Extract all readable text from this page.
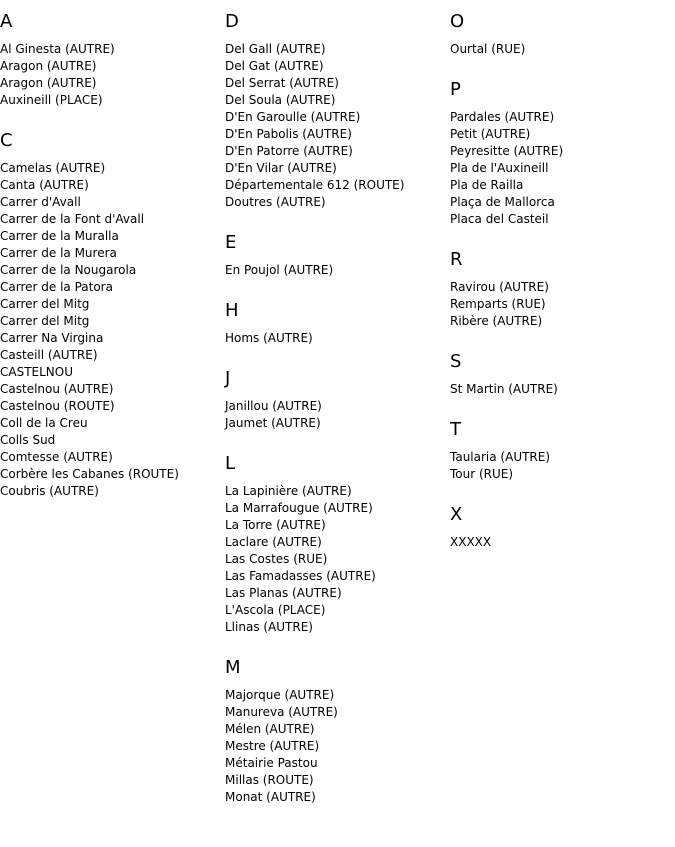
A
Al Ginesta (AUTRE)
Aragon (AUTRE)
Aragon (AUTRE)
Auxineill (PLACE)
C
Camelas (AUTRE)
Canta (AUTRE)
Carrer d'Avall
Carrer de la Font d'Avall
Carrer de la Muralla
Carrer de la Murera
Carrer de la Nougarola
Carrer de la Patora
Carrer del Mitg
Carrer del Mitg
Carrer Na Virgina
Casteill (AUTRE)
CASTELNOU
Castelnou (AUTRE)
Castelnou (ROUTE)
Coll de la Creu
Colls Sud
Comtesse (AUTRE)
Corbère les Cabanes (ROUTE)
Coubris (AUTRE)
D
Del Gall (AUTRE)
Del Gat (AUTRE)
Del Serrat (AUTRE)
Del Soula (AUTRE)
D'En Garoulle (AUTRE)
D'En Pabolis (AUTRE)
D'En Patorre (AUTRE)
D'En Vilar (AUTRE)
Départementale 612 (ROUTE)
Doutres (AUTRE)
E
En Poujol (AUTRE)
H
Homs (AUTRE)
J
Janillou (AUTRE)
Jaumet (AUTRE)
L
La Lapinière (AUTRE)
La Marrafougue (AUTRE)
La Torre (AUTRE)
Laclare (AUTRE)
Las Costes (RUE)
Las Famadasses (AUTRE)
Las Planas (AUTRE)
L'Ascola (PLACE)
Llinas (AUTRE)
M
Majorque (AUTRE)
Manureva (AUTRE)
Mélen (AUTRE)
Mestre (AUTRE)
Métairie Pastou
Millas (ROUTE)
Monat (AUTRE)
O
Ourtal (RUE)
P
Pardales (AUTRE)
Petit (AUTRE)
Peyresitte (AUTRE)
Pla de l'Auxineill
Pla de Railla
Plaça de Mallorca
Placa del Casteil
R
Ravirou (AUTRE)
Remparts (RUE)
Ribère (AUTRE)
S
St Martin (AUTRE)
T
Taularia (AUTRE)
Tour (RUE)
X
XXXXX
